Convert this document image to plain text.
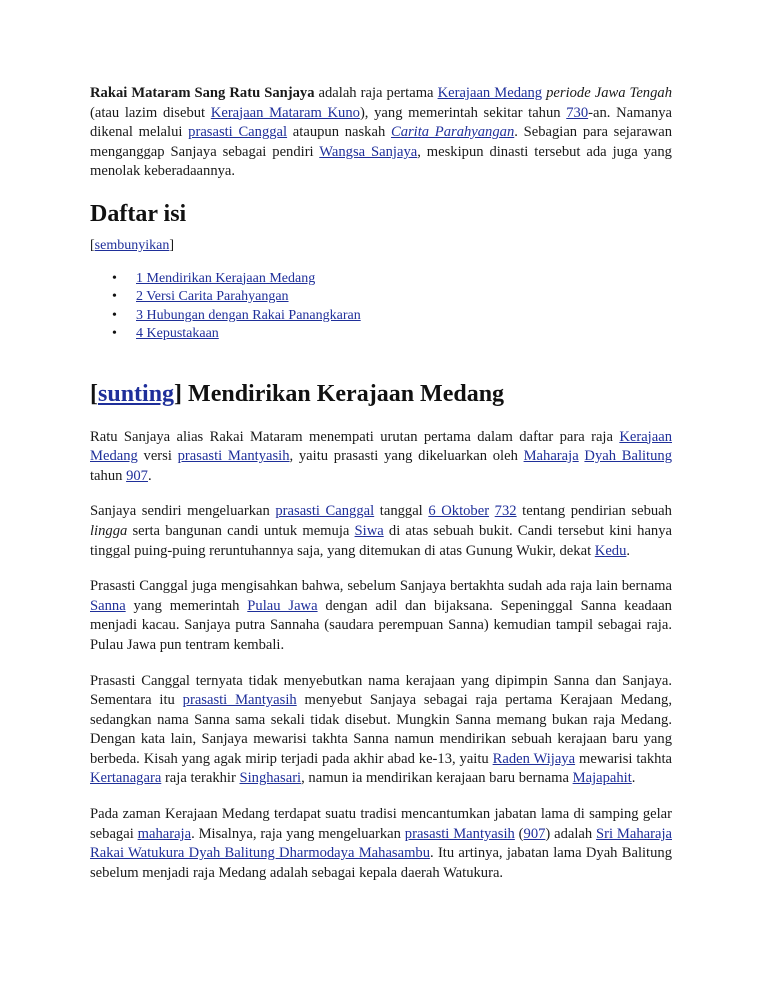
Rakai Mataram Sang Ratu Sanjaya adalah raja pertama Kerajaan Medang periode Jawa Tengah (atau lazim disebut Kerajaan Mataram Kuno), yang memerintah sekitar tahun 730-an. Namanya dikenal melalui prasasti Canggal ataupun naskah Carita Parahyangan. Sebagian para sejarawan menganggap Sanjaya sebagai pendiri Wangsa Sanjaya, meskipun dinasti tersebut ada juga yang menolak keberadaannya.

Daftar isi
[sembunyikan]
• 1 Mendirikan Kerajaan Medang
• 2 Versi Carita Parahyangan
• 3 Hubungan dengan Rakai Panangkaran
• 4 Kepustakaan
[sunting] Mendirikan Kerajaan Medang

Ratu Sanjaya alias Rakai Mataram menempati urutan pertama dalam daftar para raja Kerajaan Medang versi prasasti Mantyasih, yaitu prasasti yang dikeluarkan oleh Maharaja Dyah Balitung tahun 907.

Sanjaya sendiri mengeluarkan prasasti Canggal tanggal 6 Oktober 732 tentang pendirian sebuah lingga serta bangunan candi untuk memuja Siwa di atas sebuah bukit. Candi tersebut kini hanya tinggal puing-puing reruntuhannya saja, yang ditemukan di atas Gunung Wukir, dekat Kedu.

Prasasti Canggal juga mengisahkan bahwa, sebelum Sanjaya bertakhta sudah ada raja lain bernama Sanna yang memerintah Pulau Jawa dengan adil dan bijaksana. Sepeninggal Sanna keadaan menjadi kacau. Sanjaya putra Sannaha (saudara perempuan Sanna) kemudian tampil sebagai raja. Pulau Jawa pun tentram kembali.

Prasasti Canggal ternyata tidak menyebutkan nama kerajaan yang dipimpin Sanna dan Sanjaya. Sementara itu prasasti Mantyasih menyebut Sanjaya sebagai raja pertama Kerajaan Medang, sedangkan nama Sanna sama sekali tidak disebut. Mungkin Sanna memang bukan raja Medang. Dengan kata lain, Sanjaya mewarisi takhta Sanna namun mendirikan sebuah kerajaan baru yang berbeda. Kisah yang agak mirip terjadi pada akhir abad ke-13, yaitu Raden Wijaya mewarisi takhta Kertanagara raja terakhir Singhasari, namun ia mendirikan kerajaan baru bernama Majapahit.

Pada zaman Kerajaan Medang terdapat suatu tradisi mencantumkan jabatan lama di samping gelar sebagai maharaja. Misalnya, raja yang mengeluarkan prasasti Mantyasih (907) adalah Sri Maharaja Rakai Watukura Dyah Balitung Dharmodaya Mahasambu. Itu artinya, jabatan lama Dyah Balitung sebelum menjadi raja Medang adalah sebagai kepala daerah Watukura.
